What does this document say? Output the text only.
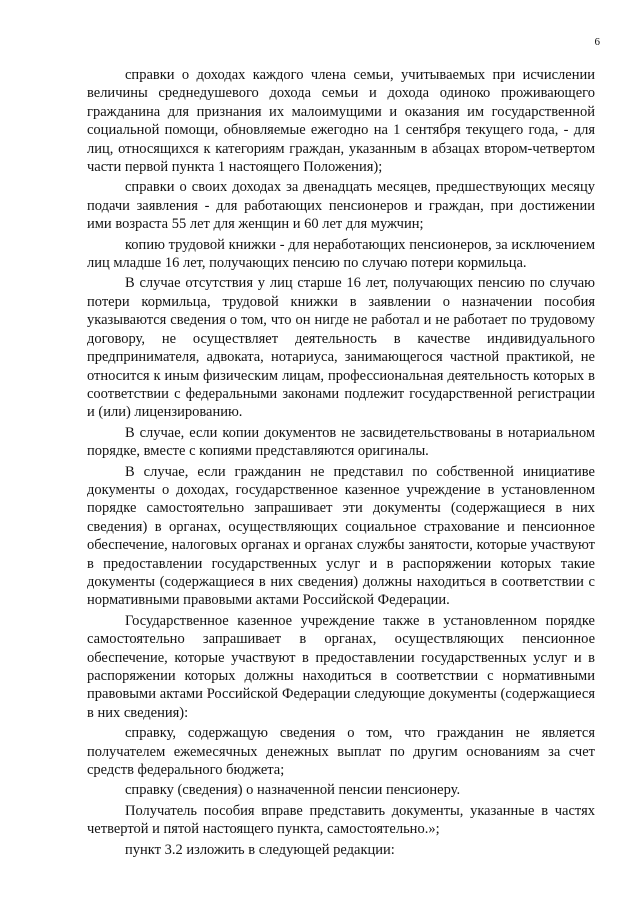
6

справки о доходах каждого члена семьи, учитываемых при исчислении величины среднедушевого дохода семьи и дохода одиноко проживающего гражданина для признания их малоимущими и оказания им государственной социальной помощи, обновляемые ежегодно на 1 сентября текущего года, - для лиц, относящихся к категориям граждан, указанным в абзацах втором-четвертом части первой пункта 1 настоящего Положения);

справки о своих доходах за двенадцать месяцев, предшествующих месяцу подачи заявления - для работающих пенсионеров и граждан, при достижении ими возраста 55 лет для женщин и 60 лет для мужчин;

копию трудовой книжки - для неработающих пенсионеров, за исключением лиц младше 16 лет, получающих пенсию по случаю потери кормильца.

В случае отсутствия у лиц старше 16 лет, получающих пенсию по случаю потери кормильца, трудовой книжки в заявлении о назначении пособия указываются сведения о том, что он нигде не работал и не работает по трудовому договору, не осуществляет деятельность в качестве индивидуального предпринимателя, адвоката, нотариуса, занимающегося частной практикой, не относится к иным физическим лицам, профессиональная деятельность которых в соответствии с федеральными законами подлежит государственной регистрации и (или) лицензированию.

В случае, если копии документов не засвидетельствованы в нотариальном порядке, вместе с копиями представляются оригиналы.

В случае, если гражданин не представил по собственной инициативе документы о доходах, государственное казенное учреждение в установленном порядке самостоятельно запрашивает эти документы (содержащиеся в них сведения) в органах, осуществляющих социальное страхование и пенсионное обеспечение, налоговых органах и органах службы занятости, которые участвуют в предоставлении государственных услуг и в распоряжении которых такие документы (содержащиеся в них сведения) должны находиться в соответствии с нормативными правовыми актами Российской Федерации.

Государственное казенное учреждение также в установленном порядке самостоятельно запрашивает в органах, осуществляющих пенсионное обеспечение, которые участвуют в предоставлении государственных услуг и в распоряжении которых должны находиться в соответствии с нормативными правовыми актами Российской Федерации следующие документы (содержащиеся в них сведения):

справку, содержащую сведения о том, что гражданин не является получателем ежемесячных денежных выплат по другим основаниям за счет средств федерального бюджета;

справку (сведения) о назначенной пенсии пенсионеру.

Получатель пособия вправе представить документы, указанные в частях четвертой и пятой настоящего пункта, самостоятельно.»;

пункт 3.2 изложить в следующей редакции:
